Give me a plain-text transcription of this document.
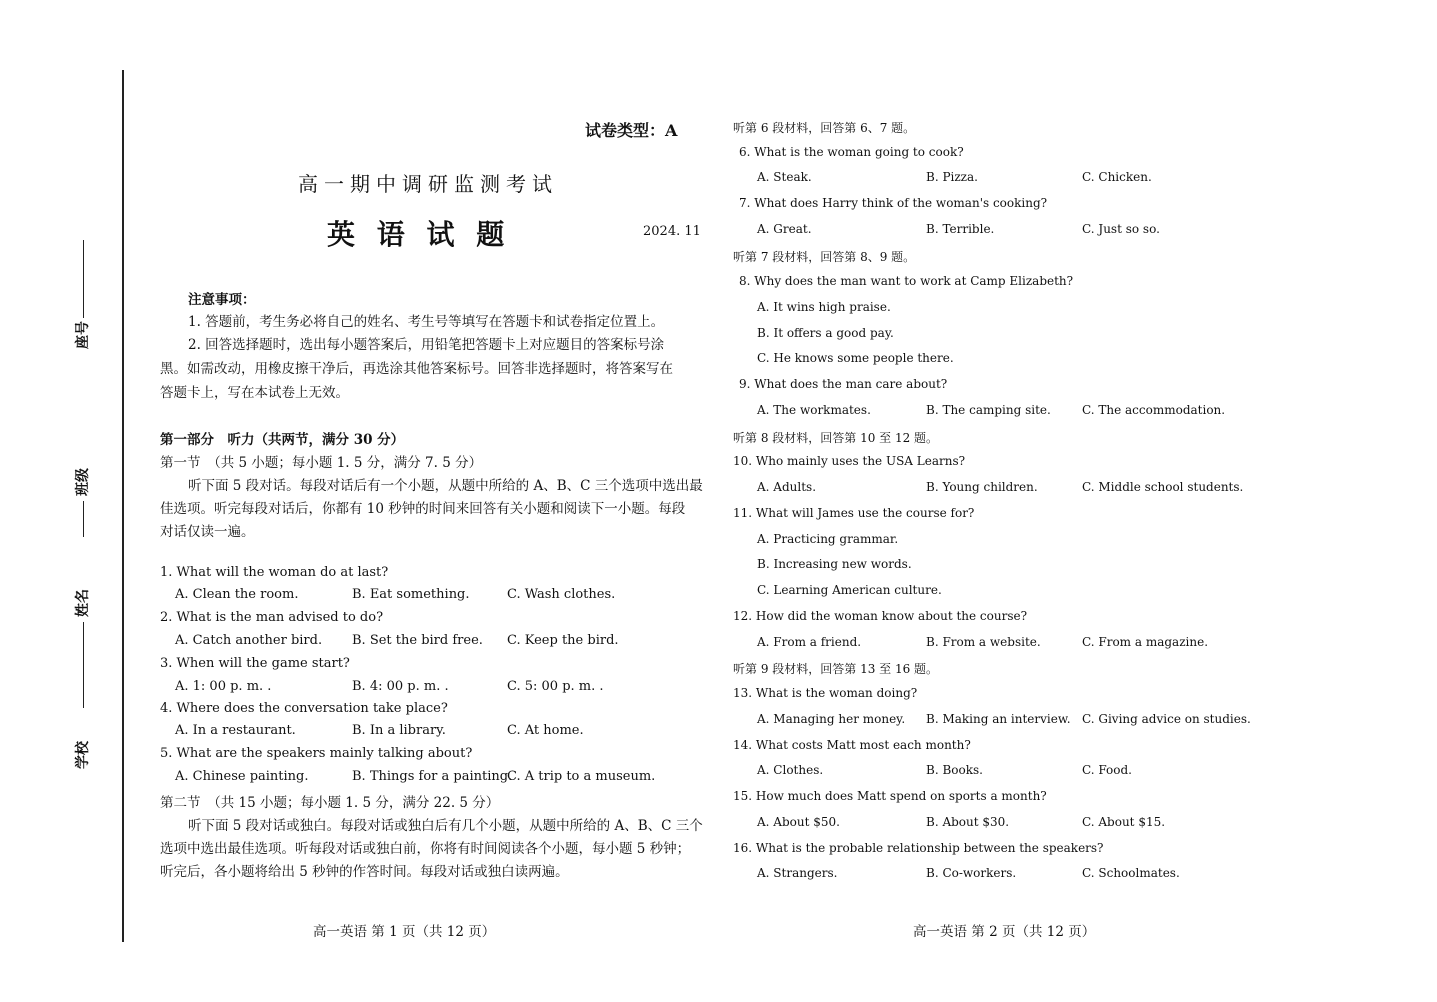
座号
班级
姓名
学校
试卷类型：A
高一期中调研监测考试
英 语 试 题	2024. 11
注意事项：
1. 答题前，考生务必将自己的姓名、考生号等填写在答题卡和试卷指定位置上。
2. 回答选择题时，选出每小题答案后，用铅笔把答题卡上对应题目的答案标号涂
黑。如需改动，用橡皮擦干净后，再选涂其他答案标号。回答非选择题时，将答案写在
答题卡上，写在本试卷上无效。
第一部分　听力（共两节，满分 30 分）
第一节　（共 5 小题；每小题 1. 5 分，满分 7. 5 分）
听下面 5 段对话。每段对话后有一个小题，从题中所给的 A、B、C 三个选项中选出最
佳选项。听完每段对话后，你都有 10 秒钟的时间来回答有关小题和阅读下一小题。每段
对话仅读一遍。
1. What will the woman do at last?
A. Clean the room.	B. Eat something.	C. Wash clothes.
2. What is the man advised to do?
A. Catch another bird. B. Set the bird free. C. Keep the bird.
3. When will the game start?
A. 1: 00 p. m. .	B. 4: 00 p. m. .	C. 5: 00 p. m. .
4. Where does the conversation take place?
A. In a restaurant.	B. In a library.	C. At home.
5. What are the speakers mainly talking about?
A. Chinese painting.	B. Things for a painting.
C. A trip to a museum.
第二节　（共 15 小题；每小题 1. 5 分，满分 22. 5 分）
听下面 5 段对话或独白。每段对话或独白后有几个小题，从题中所给的 A、B、C 三个
选项中选出最佳选项。听每段对话或独白前，你将有时间阅读各个小题，每小题 5 秒钟；
听完后，各小题将给出 5 秒钟的作答时间。每段对话或独白读两遍。
高一英语 第 1 页（共 12 页）
听第 6 段材料，回答第 6、7 题。
6. What is the woman going to cook?
A. Steak.	B. Pizza.	C. Chicken.
7. What does Harry think of the woman's cooking?
A. Great.	B. Terrible.	C. Just so so.
听第 7 段材料，回答第 8、9 题。
8. Why does the man want to work at Camp Elizabeth?
A. It wins high praise.
B. It offers a good pay.
C. He knows some people there.
9. What does the man care about?
A. The workmates.	B. The camping site.	C. The accommodation.
听第 8 段材料，回答第 10 至 12 题。
10. Who mainly uses the USA Learns?
A. Adults.	B. Young children.	C. Middle school students.
11. What will James use the course for?
A. Practicing grammar.
B. Increasing new words.
C. Learning American culture.
12. How did the woman know about the course?
A. From a friend.	B. From a website.	C. From a magazine.
听第 9 段材料，回答第 13 至 16 题。
13. What is the woman doing?
A. Managing her money. B. Making an interview. C. Giving advice on studies.
14. What costs Matt most each month?
A. Clothes.	B. Books.	C. Food.
15. How much does Matt spend on sports a month?
A. About $50.	B. About $30.	C. About $15.
16. What is the probable relationship between the speakers?
A. Strangers.	B. Co-workers.	C. Schoolmates.
高一英语 第 2 页（共 12 页）
